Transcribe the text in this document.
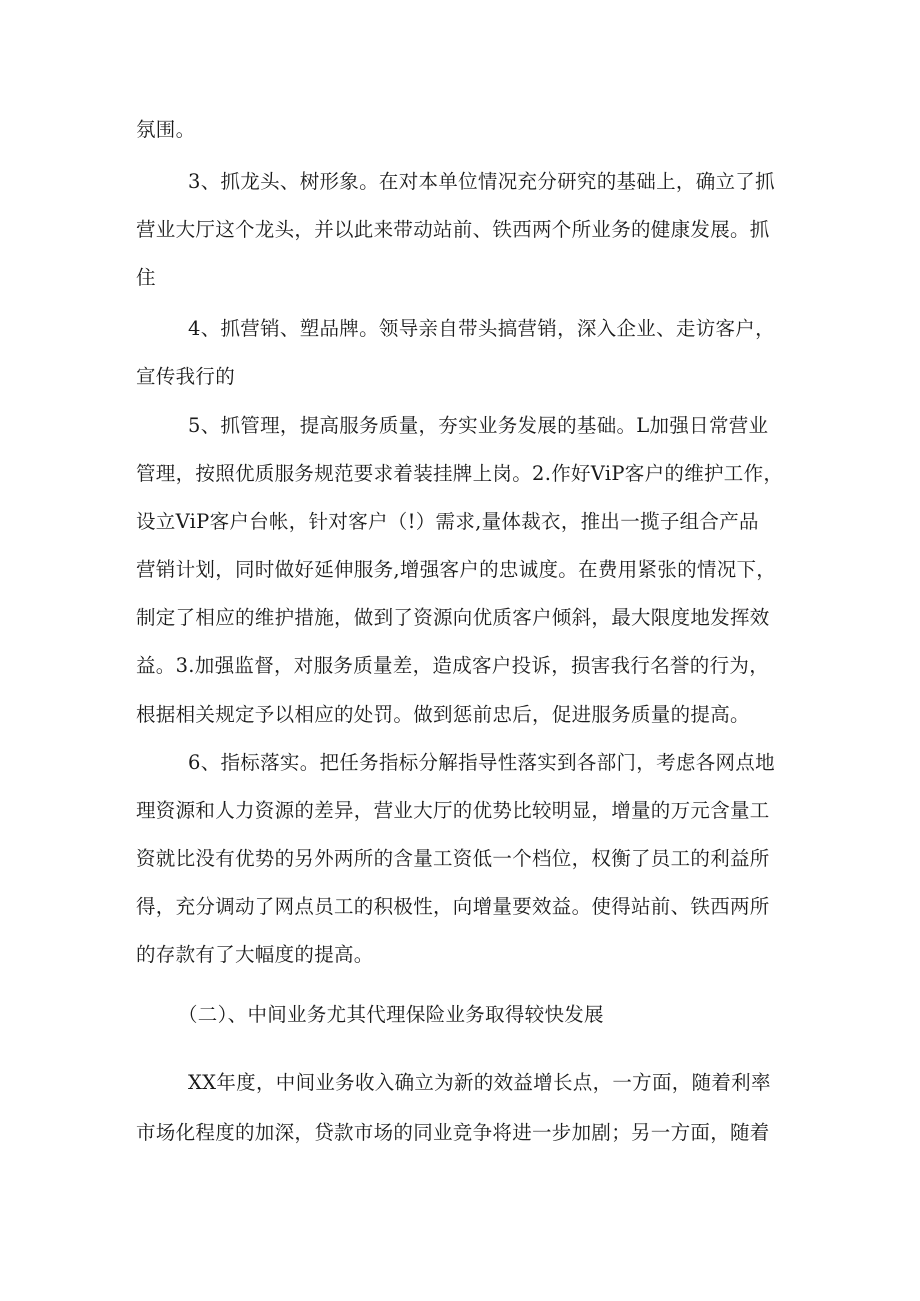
氛围。
3、抓龙头、树形象。在对本单位情况充分研究的基础上，确立了抓
营业大厅这个龙头，并以此来带动站前、铁西两个所业务的健康发展。抓
住
4、抓营销、塑品牌。领导亲自带头搞营销，深入企业、走访客户，
宣传我行的
5、抓管理，提高服务质量，夯实业务发展的基础。L加强日常营业
管理，按照优质服务规范要求着装挂牌上岗。2.作好ViP客户的维护工作，
设立ViP客户台帐，针对客户（!）需求,量体裁衣，推出一揽子组合产品
营销计划，同时做好延伸服务,增强客户的忠诚度。在费用紧张的情况下，
制定了相应的维护措施，做到了资源向优质客户倾斜，最大限度地发挥效
益。3.加强监督，对服务质量差，造成客户投诉，损害我行名誉的行为，
根据相关规定予以相应的处罚。做到惩前忠后，促进服务质量的提高。
6、指标落实。把任务指标分解指导性落实到各部门，考虑各网点地
理资源和人力资源的差异，营业大厅的优势比较明显，增量的万元含量工
资就比没有优势的另外两所的含量工资低一个档位，权衡了员工的利益所
得，充分调动了网点员工的积极性，向增量要效益。使得站前、铁西两所
的存款有了大幅度的提高。
（二）、中间业务尤其代理保险业务取得较快发展
XX年度，中间业务收入确立为新的效益增长点，一方面，随着利率
市场化程度的加深，贷款市场的同业竞争将进一步加剧；另一方面，随着
